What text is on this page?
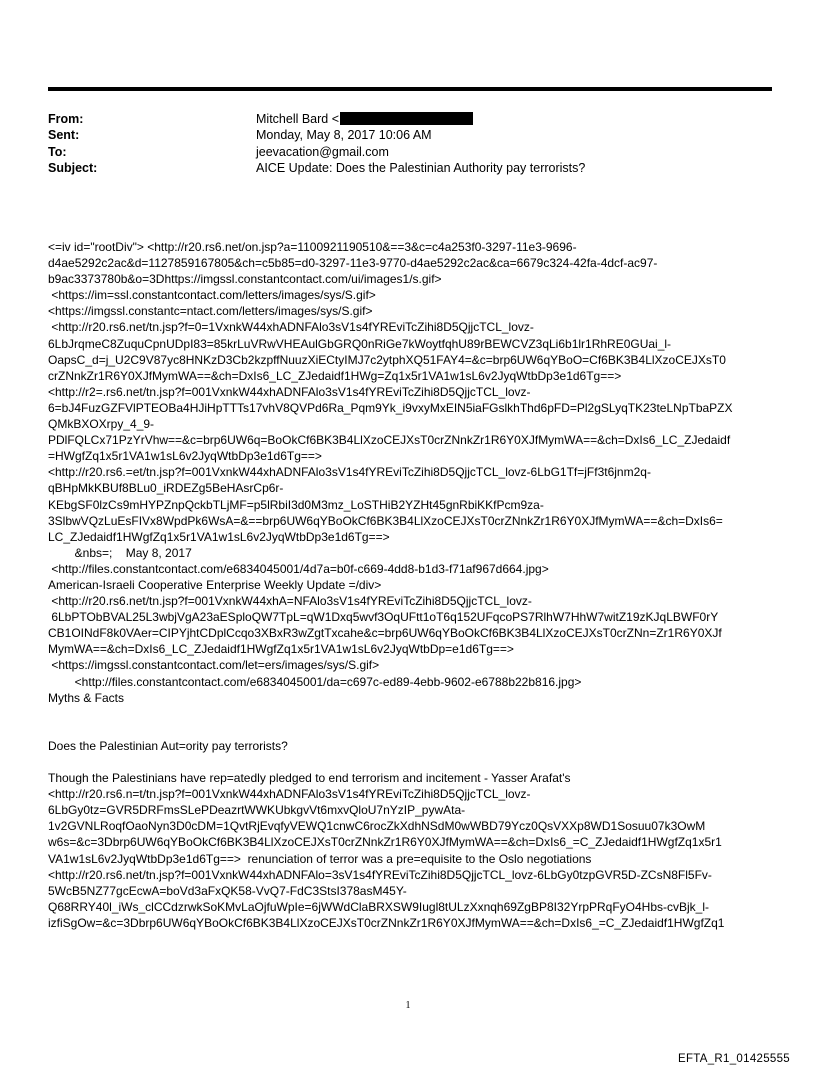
From:	Mitchell Bard <
Sent:	Monday, May 8, 2017 10:06 AM
To:	jeevacation@gmail.com
Subject:	AICE Update: Does the Palestinian Authority pay terrorists?
<=iv id="rootDiv"> <http://r20.rs6.net/on.jsp?a=1100921190510&==3&c=c4a253f0-3297-11e3-9696-
d4ae5292c2ac&d=1127859167805&ch=c5b85=d0-3297-11e3-9770-d4ae5292c2ac&ca=6679c324-42fa-4dcf-ac97-
b9ac3373780b&o=3Dhttps://imgssl.constantcontact.com/ui/images1/s.gif>
<https://im=ssl.constantcontact.com/letters/images/sys/S.gif>
<https://imgssl.constantc=ntact.com/letters/images/sys/S.gif>
<http://r20.rs6.net/tn.jsp?f=0=1VxnkW44xhADNFAlo3sV1s4fYREviTcZihi8D5QjjcTCL_lovz-
6LbJrqmeC8ZuquCpnUDpI83=85krLuVRwVHEAulGbGRQ0nRiGe7kWoytfqhU89rBEWCVZ3qLi6b1lr1RhRE0GUai_l-
OapsC_d=j_U2C9V87yc8HNKzD3Cb2kzpffNuuzXiECtyIMJ7c2ytphXQ51FAY4=&c=brp6UW6qYBoO=Cf6BK3B4LlXzoCEJXsT0
crZNnkZr1R6Y0XJfMymWA==&ch=DxIs6_LC_ZJedaidf1HWg=Zq1x5r1VA1w1sL6v2JyqWtbDp3e1d6Tg==>
<http://r2=.rs6.net/tn.jsp?f=001VxnkW44xhADNFAlo3sV1s4fYREviTcZihi8D5QjjcTCL_lovz-
6=bJ4FuzGZFVlPTEOBa4HJiHpTTTs17vhV8QVPd6Ra_Pqm9Yk_i9vxyMxEIN5iaFGslkhThd6pFD=Pl2gSLyqTK23teLNpTbaPZX
QMkBXOXrpy_4_9-
PDlFQLCx71PzYrVhw==&c=brp6UW6q=BoOkCf6BK3B4LlXzoCEJXsT0crZNnkZr1R6Y0XJfMymWA==&ch=DxIs6_LC_ZJedaidf
=HWgfZq1x5r1VA1w1sL6v2JyqWtbDp3e1d6Tg==>
<http://r20.rs6.=et/tn.jsp?f=001VxnkW44xhADNFAlo3sV1s4fYREviTcZihi8D5QjjcTCL_lovz-6LbG1Tf=jFf3t6jnm2q-
qBHpMkKBUf8BLu0_iRDEZg5BeHAsrCp6r-
KEbgSF0lzCs9mHYPZnpQckbTLjMF=p5lRbiI3d0M3mz_LoSTHiB2YZHt45gnRbiKKfPcm9za-
3SlbwVQzLuEsFIVx8WpdPk6WsA=&==brp6UW6qYBoOkCf6BK3B4LlXzoCEJXsT0crZNnkZr1R6Y0XJfMymWA==&ch=DxIs6=
LC_ZJedaidf1HWgfZq1x5r1VA1w1sL6v2JyqWtbDp3e1d6Tg==>
&nbs=;    May 8, 2017
<http://files.constantcontact.com/e6834045001/4d7a=b0f-c669-4dd8-b1d3-f71af967d664.jpg>
American-Israeli Cooperative Enterprise Weekly Update =/div>
<http://r20.rs6.net/tn.jsp?f=001VxnkW44xhA=NFAlo3sV1s4fYREviTcZihi8D5QjjcTCL_lovz-
6LbPTObBVAL25L3wbjVgA23aESploQW7TpL=qW1Dxq5wvf3OqUFtt1oT6q152UFqcoPS7RlhW7HhW7witZ19zKJqLBWF0rY
CB1OINdF8k0VAer=CIPYjhtCDplCcqo3XBxR3wZgtTxcahe&c=brp6UW6qYBoOkCf6BK3B4LlXzoCEJXsT0crZNn=Zr1R6Y0XJf
MymWA==&ch=DxIs6_LC_ZJedaidf1HWgfZq1x5r1VA1w1sL6v2JyqWtbDp=e1d6Tg==>
<https://imgssl.constantcontact.com/let=ers/images/sys/S.gif>
<http://files.constantcontact.com/e6834045001/da=c697c-ed89-4ebb-9602-e6788b22b816.jpg>
Myths & Facts
Does the Palestinian Aut=ority pay terrorists?
Though the Palestinians have rep=atedly pledged to end terrorism and incitement - Yasser Arafat's
<http://r20.rs6.n=t/tn.jsp?f=001VxnkW44xhADNFAlo3sV1s4fYREviTcZihi8D5QjjcTCL_lovz-
6LbGy0tz=GVR5DRFmsSLePDeazrtWWKUbkgvVt6mxvQloU7nYzIP_pywAta-
1v2GVNLRoqfOaoNyn3D0cDM=1QvtRjEvqfyVEWQ1cnwC6rocZkXdhNSdM0wWBD79Ycz0QsVXXp8WD1Sosuu07k3OwM
w6s=&c=3Dbrp6UW6qYBoOkCf6BK3B4LlXzoCEJXsT0crZNnkZr1R6Y0XJfMymWA==&ch=DxIs6_=C_ZJedaidf1HWgfZq1x5r1
VA1w1sL6v2JyqWtbDp3e1d6Tg==>  renunciation of terror was a pre=equisite to the Oslo negotiations
<http://r20.rs6.net/tn.jsp?f=001VxnkW44xhADNFAlo=3sV1s4fYREviTcZihi8D5QjjcTCL_lovz-6LbGy0tzpGVR5D-ZCsN8Fl5Fv-
5WcB5NZ77gcEcwA=boVd3aFxQK58-VvQ7-FdC3StsI378asM45Y-
Q68RRY40l_iWs_clCCdzrwkSoKMvLaOjfuWpIe=6jWWdClaBRXSW9Iugl8tULzXxnqh69ZgBP8I32YrpPRqFyO4Hbs-cvBjk_l-
izfiSgOw=&c=3Dbrp6UW6qYBoOkCf6BK3B4LlXzoCEJXsT0crZNnkZr1R6Y0XJfMymWA==&ch=DxIs6_=C_ZJedaidf1HWgfZq1
1
EFTA_R1_01425555
